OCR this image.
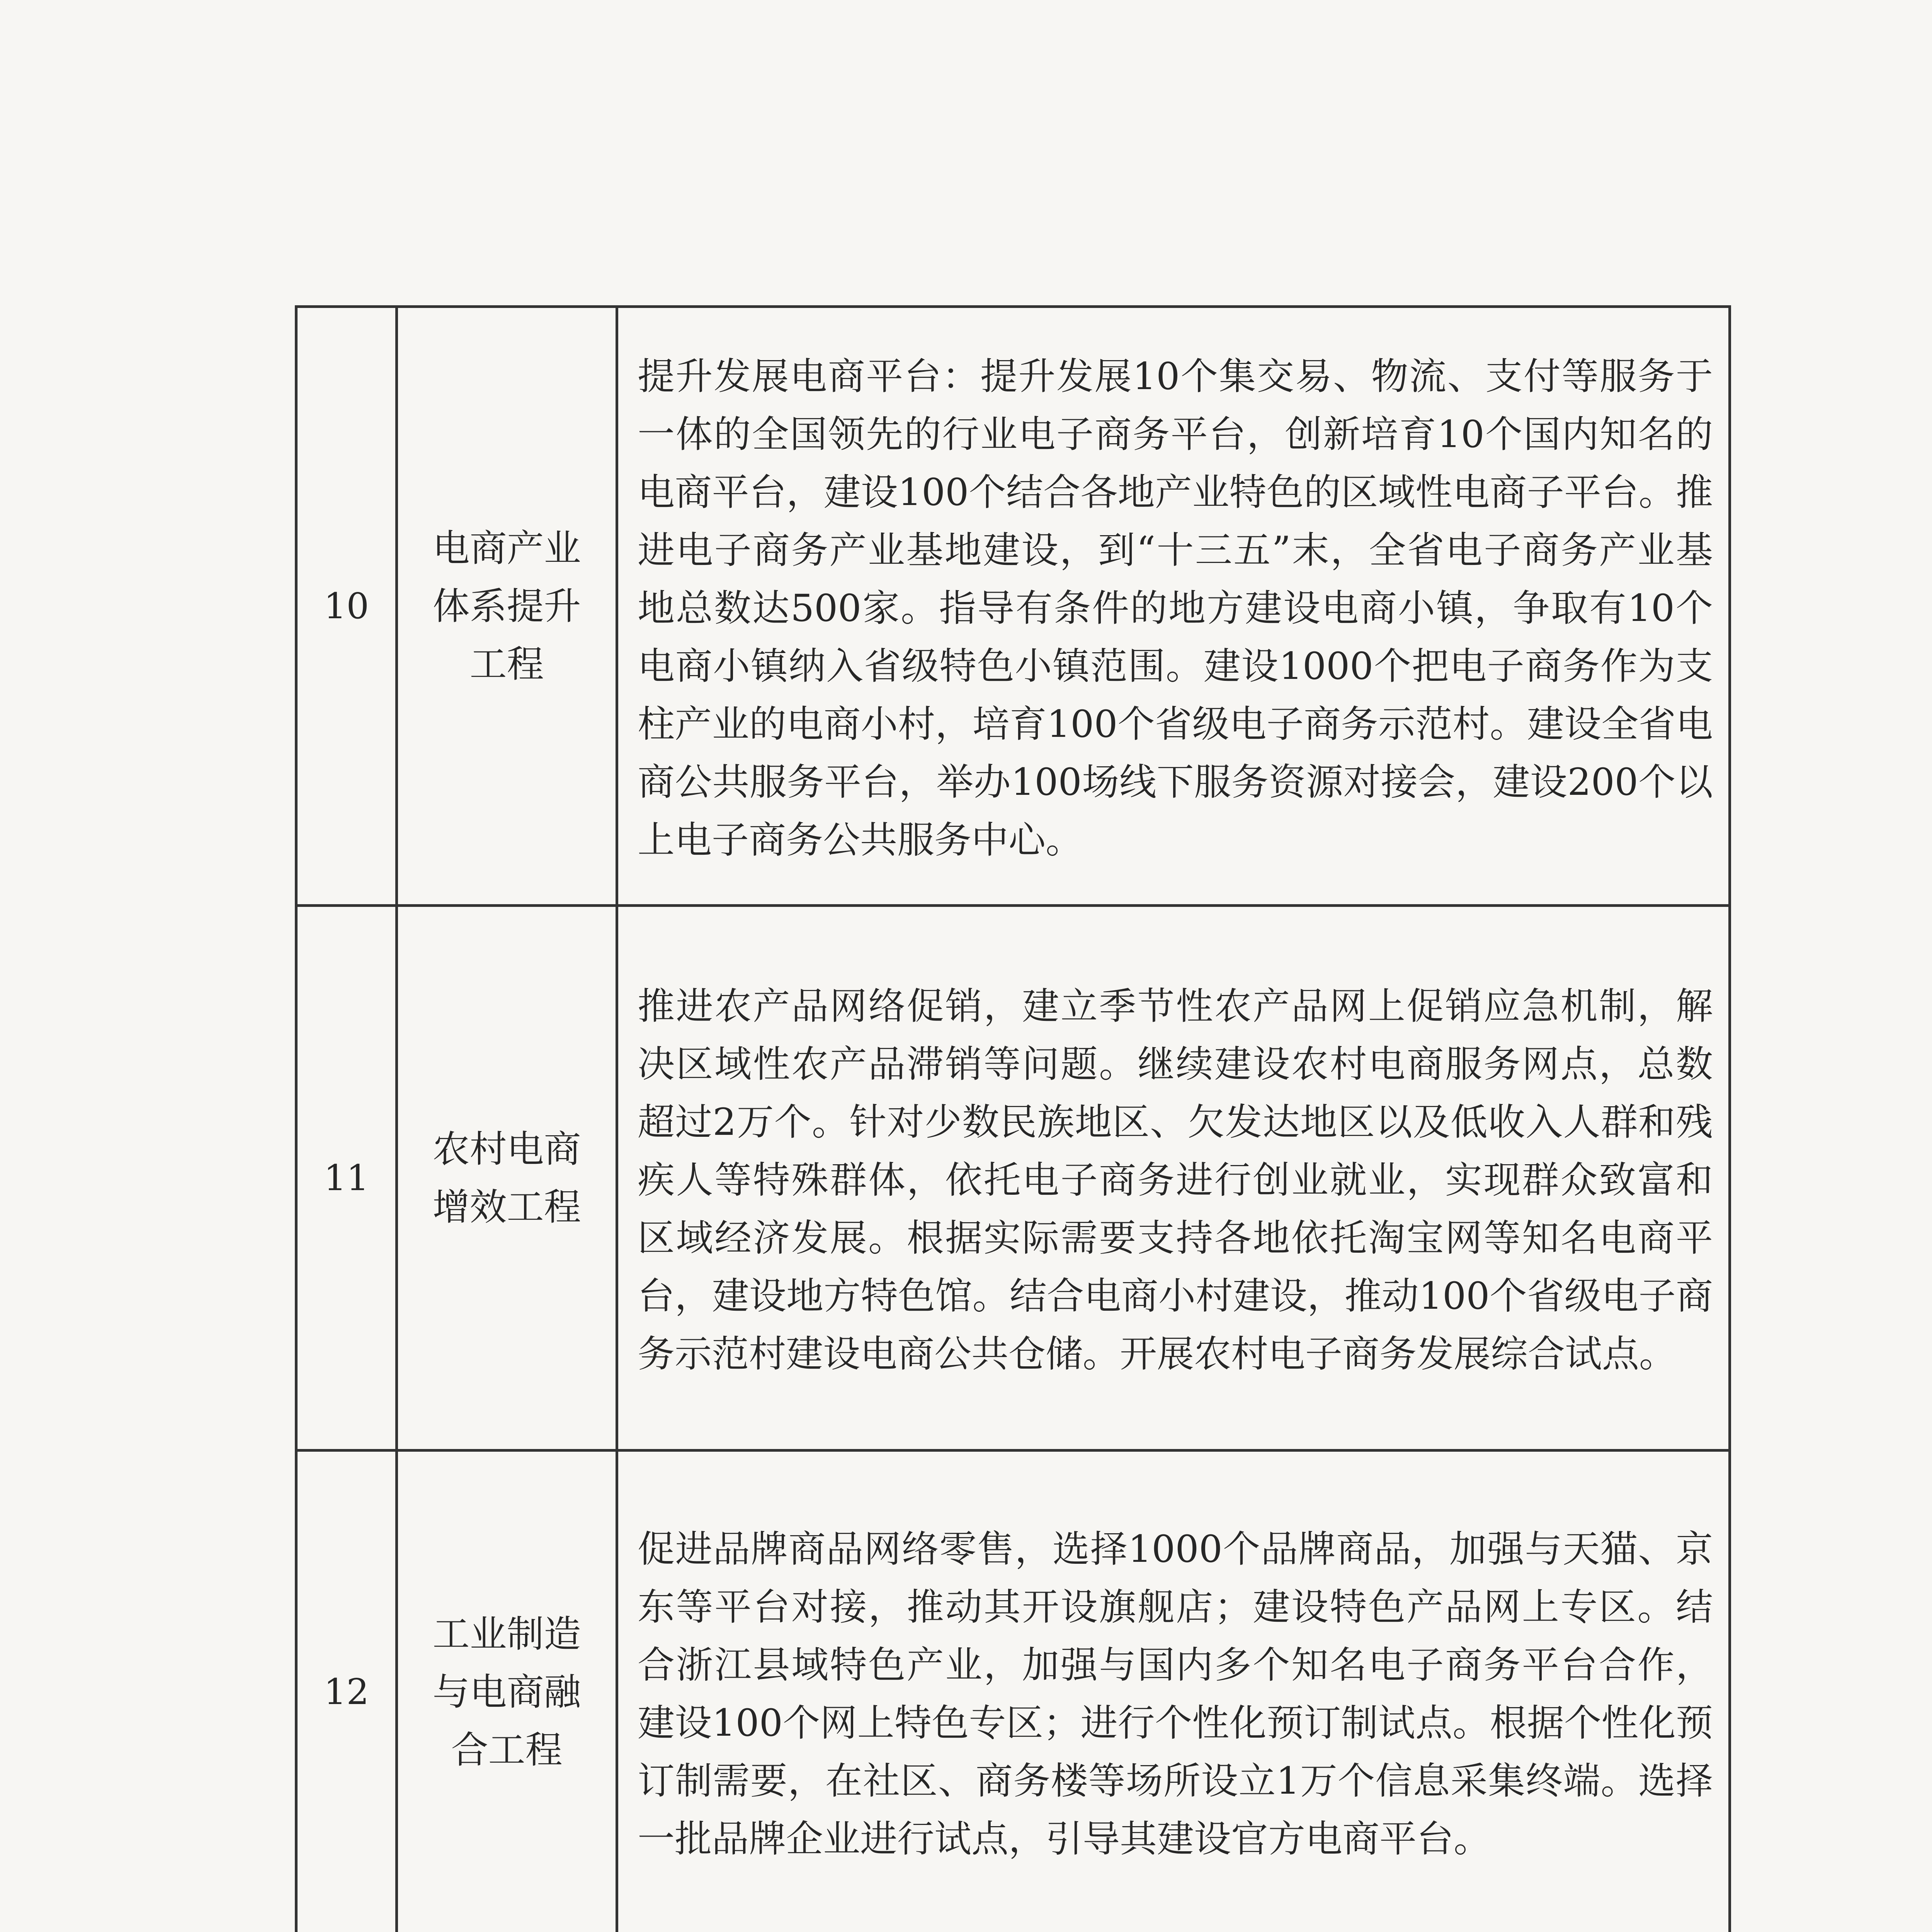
10	电商产业体系提升工程	提升发展电商平台：提升发展10个集交易、物流、支付等服务于一体的全国领先的行业电子商务平台，创新培育10个国内知名的电商平台，建设100个结合各地产业特色的区域性电商子平台。推进电子商务产业基地建设，到“十三五”末，全省电子商务产业基地总数达500家。指导有条件的地方建设电商小镇，争取有10个电商小镇纳入省级特色小镇范围。建设1000个把电子商务作为支柱产业的电商小村，培育100个省级电子商务示范村。建设全省电商公共服务平台，举办100场线下服务资源对接会，建设200个以上电子商务公共服务中心。
11	农村电商增效工程	推进农产品网络促销，建立季节性农产品网上促销应急机制，解决区域性农产品滞销等问题。继续建设农村电商服务网点，总数超过2万个。针对少数民族地区、欠发达地区以及低收入人群和残疾人等特殊群体，依托电子商务进行创业就业，实现群众致富和区域经济发展。根据实际需要支持各地依托淘宝网等知名电商平台，建设地方特色馆。结合电商小村建设，推动100个省级电子商务示范村建设电商公共仓储。开展农村电子商务发展综合试点。
12	工业制造与电商融合工程	促进品牌商品网络零售，选择1000个品牌商品，加强与天猫、京东等平台对接，推动其开设旗舰店；建设特色产品网上专区。结合浙江县域特色产业，加强与国内多个知名电子商务平台合作，建设100个网上特色专区；进行个性化预订制试点。根据个性化预订制需要，在社区、商务楼等场所设立1万个信息采集终端。选择一批品牌企业进行试点，引导其建设官方电商平台。
